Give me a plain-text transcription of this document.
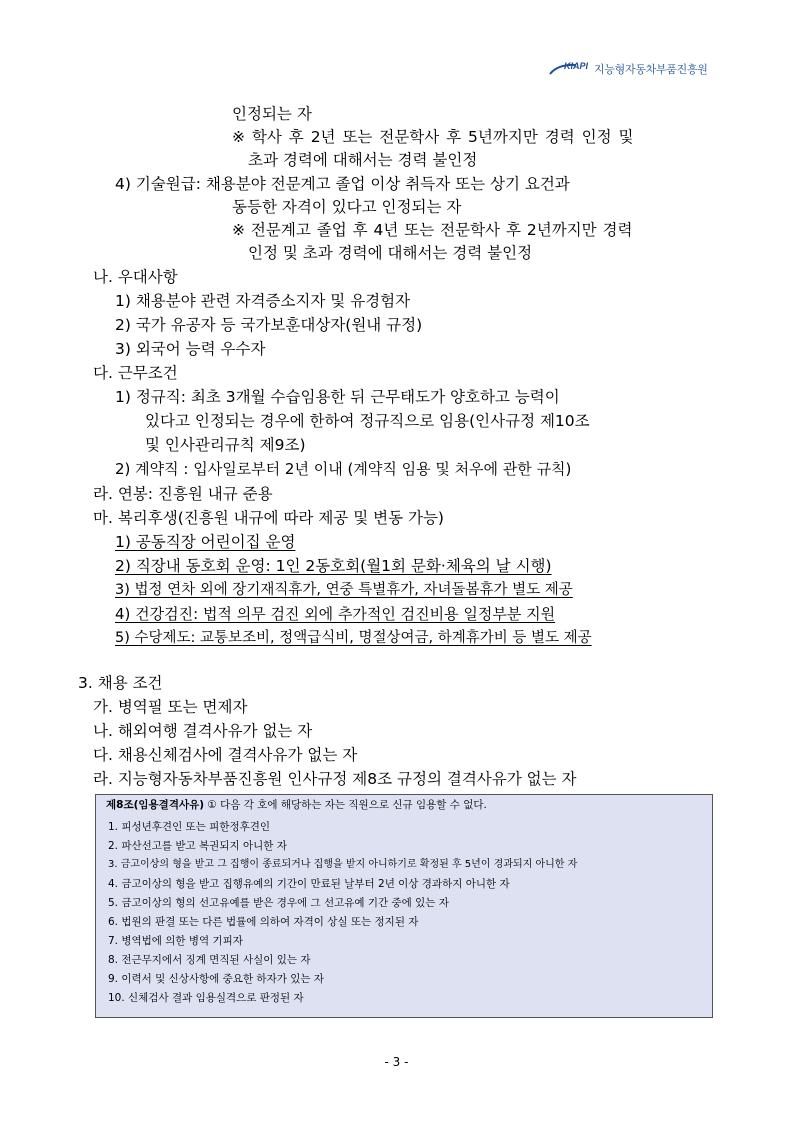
KIAPI 지능형자동차부품진흥원
인정되는 자
※ 학사 후 2년 또는 전문학사 후 5년까지만 경력 인정 및
초과 경력에 대해서는 경력 불인정
4) 기술원급: 채용분야 전문계고 졸업 이상 취득자 또는 상기 요건과
동등한 자격이 있다고 인정되는 자
※ 전문계고 졸업 후 4년 또는 전문학사 후 2년까지만 경력
인정 및 초과 경력에 대해서는 경력 불인정
나. 우대사항
1) 채용분야 관련 자격증소지자 및 유경험자
2) 국가 유공자 등 국가보훈대상자(원내 규정)
3) 외국어 능력 우수자
다. 근무조건
1) 정규직: 최초 3개월 수습임용한 뒤 근무태도가 양호하고 능력이
있다고 인정되는 경우에 한하여 정규직으로 임용(인사규정 제10조
및 인사관리규칙 제9조)
2) 계약직 : 입사일로부터 2년 이내 (계약직 임용 및 처우에 관한 규칙)
라. 연봉: 진흥원 내규 준용
마. 복리후생(진흥원 내규에 따라 제공 및 변동 가능)
1) 공동직장 어린이집 운영
2) 직장내 동호회 운영: 1인 2동호회(월1회 문화·체육의 날 시행)
3) 법정 연차 외에 장기재직휴가, 연중 특별휴가, 자녀돌봄휴가 별도 제공
4) 건강검진: 법적 의무 검진 외에 추가적인 검진비용 일정부분 지원
5) 수당제도: 교통보조비, 정액급식비, 명절상여금, 하계휴가비 등 별도 제공
3. 채용 조건
가. 병역필 또는 면제자
나. 해외여행 결격사유가 없는 자
다. 채용신체검사에 결격사유가 없는 자
라. 지능형자동차부품진흥원 인사규정 제8조 규정의 결격사유가 없는 자
제8조(임용결격사유) ① 다음 각 호에 해당하는 자는 직원으로 신규 임용할 수 없다.
1. 피성년후견인 또는 피한정후견인
2. 파산선고를 받고 복권되지 아니한 자
3. 금고이상의 형을 받고 그 집행이 종료되거나 집행을 받지 아니하기로 확정된 후 5년이 경과되지 아니한 자
4. 금고이상의 형을 받고 집행유예의 기간이 만료된 날부터 2년 이상 경과하지 아니한 자
5. 금고이상의 형의 선고유예를 받은 경우에 그 선고유예 기간 중에 있는 자
6. 법원의 판결 또는 다른 법률에 의하여 자격이 상실 또는 정지된 자
7. 병역법에 의한 병역 기피자
8. 전근무지에서 징계 면직된 사실이 있는 자
9. 이력서 및 신상사항에 중요한 하자가 있는 자
10. 신체검사 결과 임용실격으로 판정된 자
- 3 -
